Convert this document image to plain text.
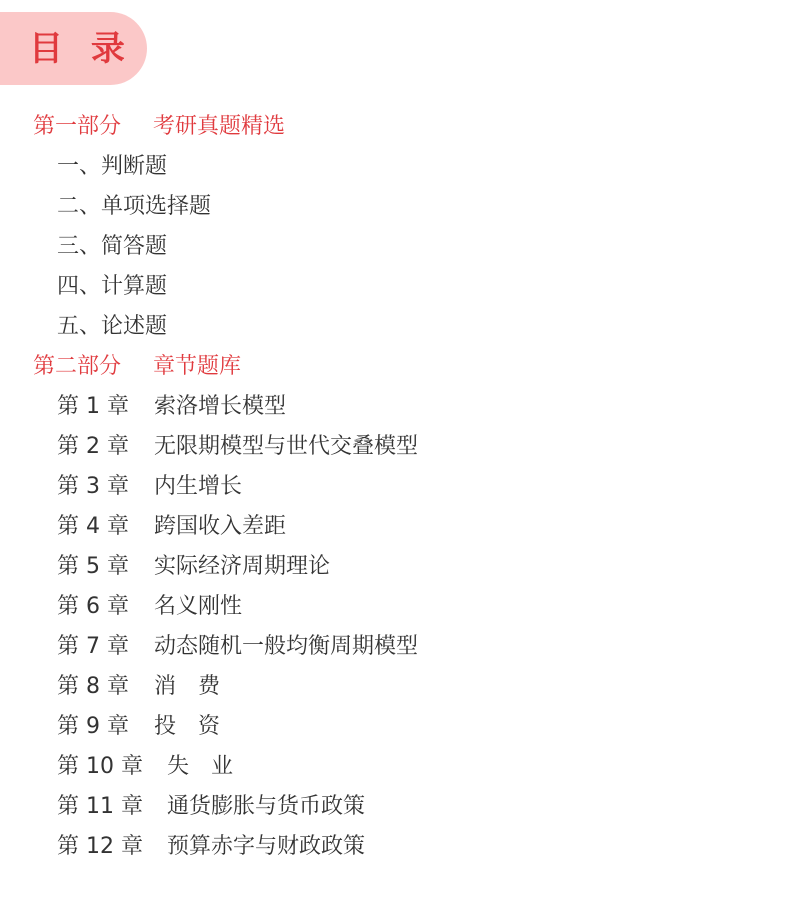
目 录
第一部分 考研真题精选
一、判断题
二、单项选择题
三、简答题
四、计算题
五、论述题
第二部分 章节题库
第 1 章 索洛增长模型
第 2 章 无限期模型与世代交叠模型
第 3 章 内生增长
第 4 章 跨国收入差距
第 5 章 实际经济周期理论
第 6 章 名义刚性
第 7 章 动态随机一般均衡周期模型
第 8 章 消　费
第 9 章 投　资
第 10 章 失　业
第 11 章 通货膨胀与货币政策
第 12 章 预算赤字与财政政策
